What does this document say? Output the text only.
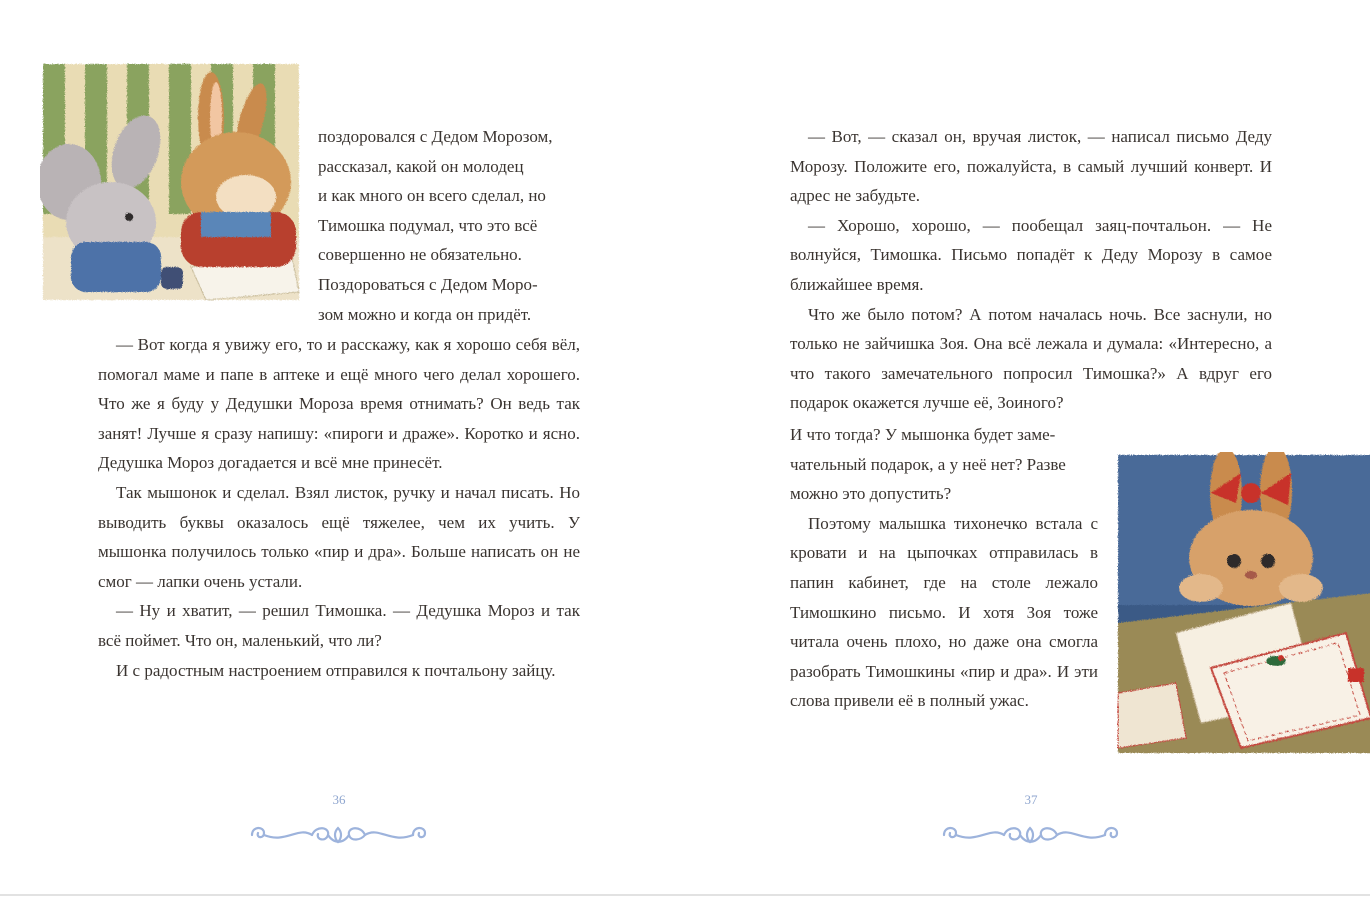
поздоровался с Дедом Морозом,

рассказал, какой он молодец

и как много он всего сделал, но

Тимошка подумал, что это всё

совершенно не обязательно.

Поздороваться с Дедом Моро-

зом можно и когда он придёт.

— Вот когда я увижу его, то и расскажу, как я хорошо себя вёл, помогал маме и папе в аптеке и ещё много чего делал хорошего. Что же я буду у Дедушки Мороза время отнимать? Он ведь так занят! Лучше я сразу напишу: «пироги и драже». Коротко и ясно. Дедушка Мороз догадается и всё мне принесёт.

Так мышонок и сделал. Взял листок, ручку и начал писать. Но выводить буквы оказалось ещё тяжелее, чем их учить. У мышонка получилось только «пир и дра». Больше написать он не смог — лапки очень устали.

— Ну и хватит, — решил Тимошка. — Дедушка Мороз и так всё поймет. Что он, маленький, что ли?

И с радостным настроением отправился к почтальону зайцу.

36

— Вот, — сказал он, вручая листок, — написал письмо Деду Морозу. Положите его, пожалуйста, в самый лучший конверт. И адрес не забудьте.

— Хорошо, хорошо, — пообещал заяц-почтальон. — Не волнуйся, Тимошка. Письмо попадёт к Деду Морозу в самое ближайшее время.

Что же было потом? А потом началась ночь. Все заснули, но только не зайчишка Зоя. Она всё лежала и думала: «Интересно, а что такого замечательного попросил Тимошка?» А вдруг его подарок окажется лучше её, Зоиного?

И что тогда? У мышонка будет заме-

чательный подарок, а у неё нет? Разве

можно это допустить?

Поэтому малышка тихонечко встала с кровати и на цыпочках отправилась в папин кабинет, где на столе лежало Тимошкино письмо. И хотя Зоя тоже читала очень плохо, но даже она смогла разобрать Тимошкины «пир и дра». И эти слова привели её в полный ужас.

37
